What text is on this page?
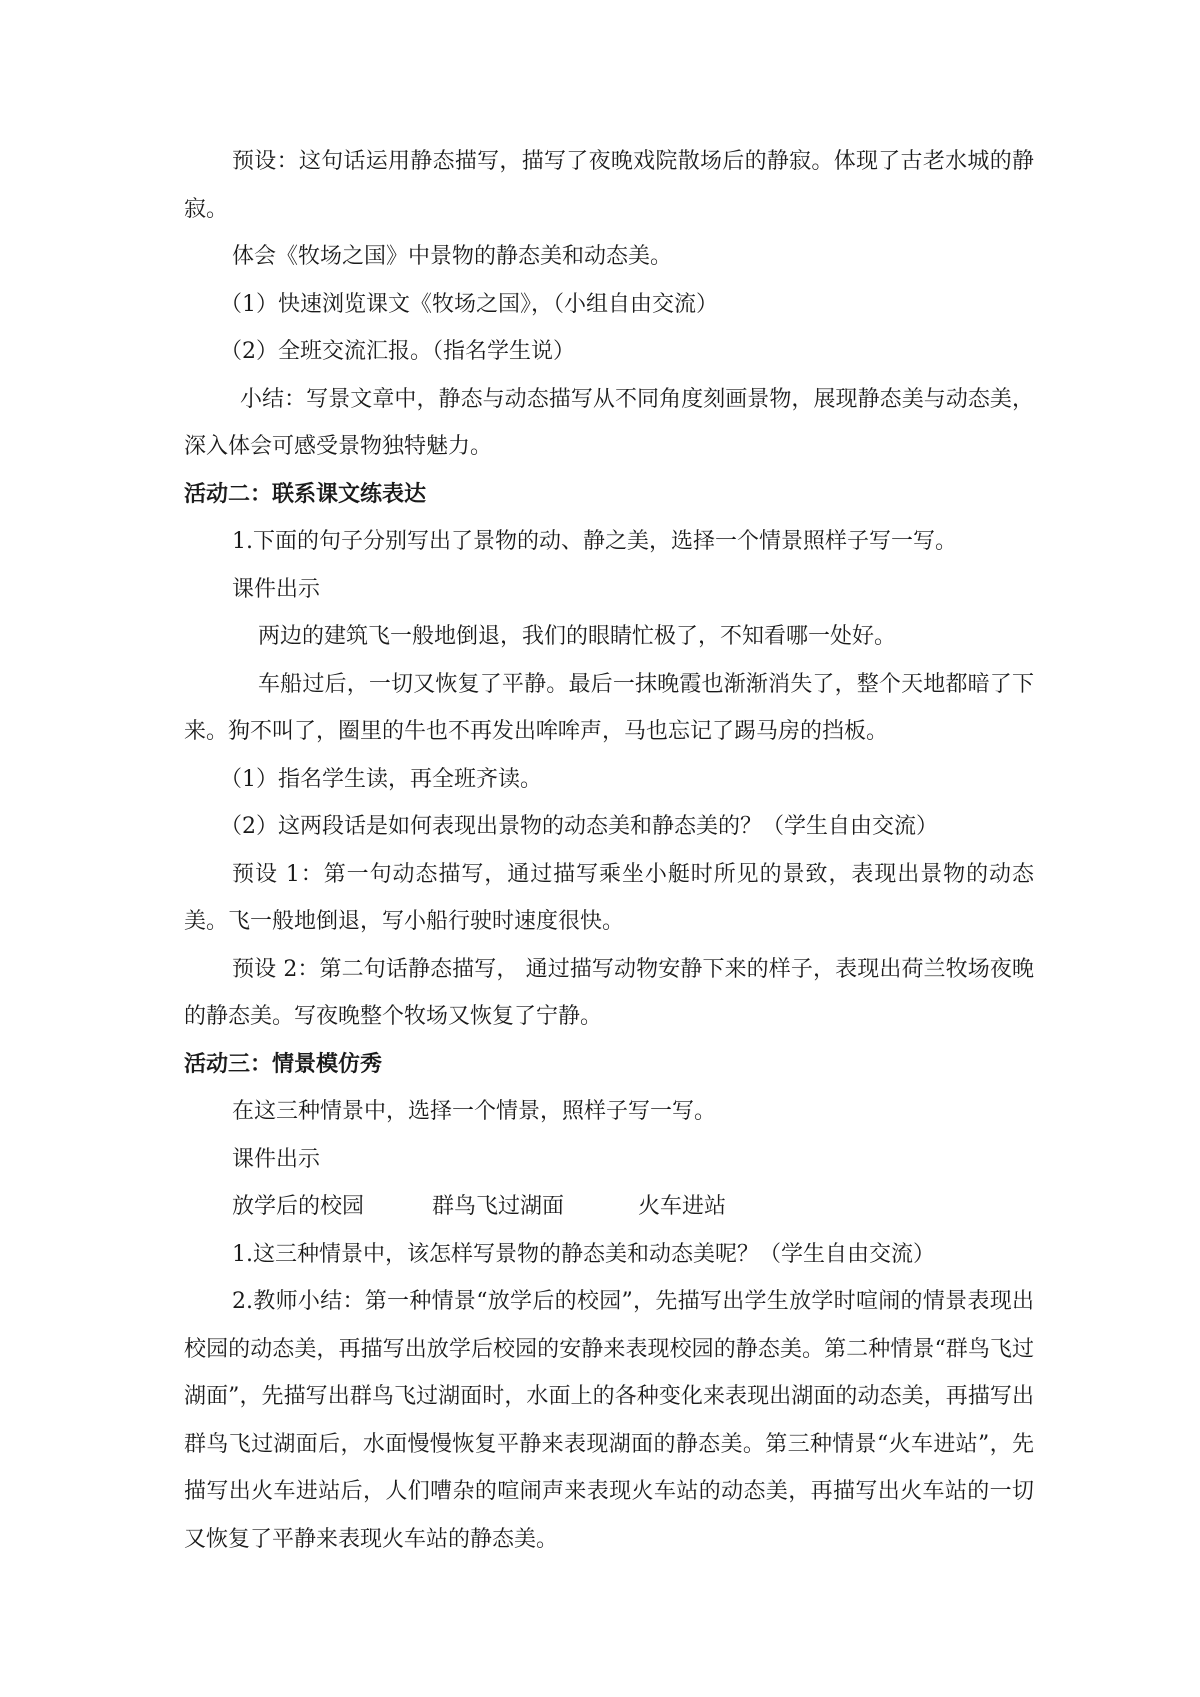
预设：这句话运用静态描写，描写了夜晚戏院散场后的静寂。体现了古老水城的静寂。

体会《牧场之国》中景物的静态美和动态美。

（1）快速浏览课文《牧场之国》，（小组自由交流）

（2）全班交流汇报。（指名学生说）

小结：写景文章中，静态与动态描写从不同角度刻画景物，展现静态美与动态美，深入体会可感受景物独特魅力。

活动二：联系课文练表达

1.下面的句子分别写出了景物的动、静之美，选择一个情景照样子写一写。

课件出示

两边的建筑飞一般地倒退，我们的眼睛忙极了，不知看哪一处好。

车船过后，一切又恢复了平静。最后一抹晚霞也渐渐消失了，整个天地都暗了下来。狗不叫了，圈里的牛也不再发出哞哞声，马也忘记了踢马房的挡板。

（1）指名学生读，再全班齐读。

（2）这两段话是如何表现出景物的动态美和静态美的？（学生自由交流）

预设 1：第一句动态描写，通过描写乘坐小艇时所见的景致，表现出景物的动态美。飞一般地倒退，写小船行驶时速度很快。

预设 2：第二句话静态描写， 通过描写动物安静下来的样子，表现出荷兰牧场夜晚的静态美。写夜晚整个牧场又恢复了宁静。

活动三：情景模仿秀

在这三种情景中，选择一个情景，照样子写一写。

课件出示

放学后的校园	群鸟飞过湖面	火车进站

1.这三种情景中，该怎样写景物的静态美和动态美呢？（学生自由交流）

2.教师小结：第一种情景“放学后的校园”，先描写出学生放学时喧闹的情景表现出校园的动态美，再描写出放学后校园的安静来表现校园的静态美。第二种情景“群鸟飞过湖面”，先描写出群鸟飞过湖面时，水面上的各种变化来表现出湖面的动态美，再描写出群鸟飞过湖面后，水面慢慢恢复平静来表现湖面的静态美。第三种情景“火车进站”，先描写出火车进站后，人们嘈杂的喧闹声来表现火车站的动态美，再描写出火车站的一切又恢复了平静来表现火车站的静态美。
